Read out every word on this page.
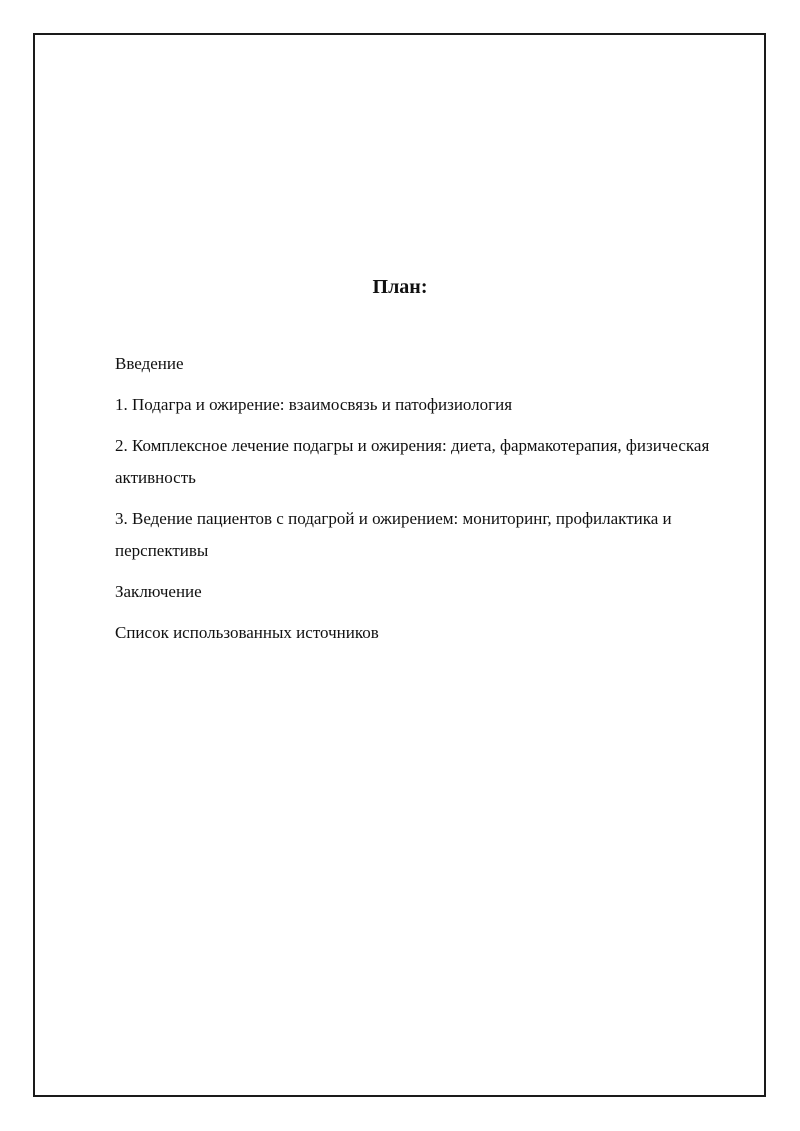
План:
Введение
1. Подагра и ожирение: взаимосвязь и патофизиология
2. Комплексное лечение подагры и ожирения: диета, фармакотерапия, физическая активность
3. Ведение пациентов с подагрой и ожирением: мониторинг, профилактика и перспективы
Заключение
Список использованных источников
